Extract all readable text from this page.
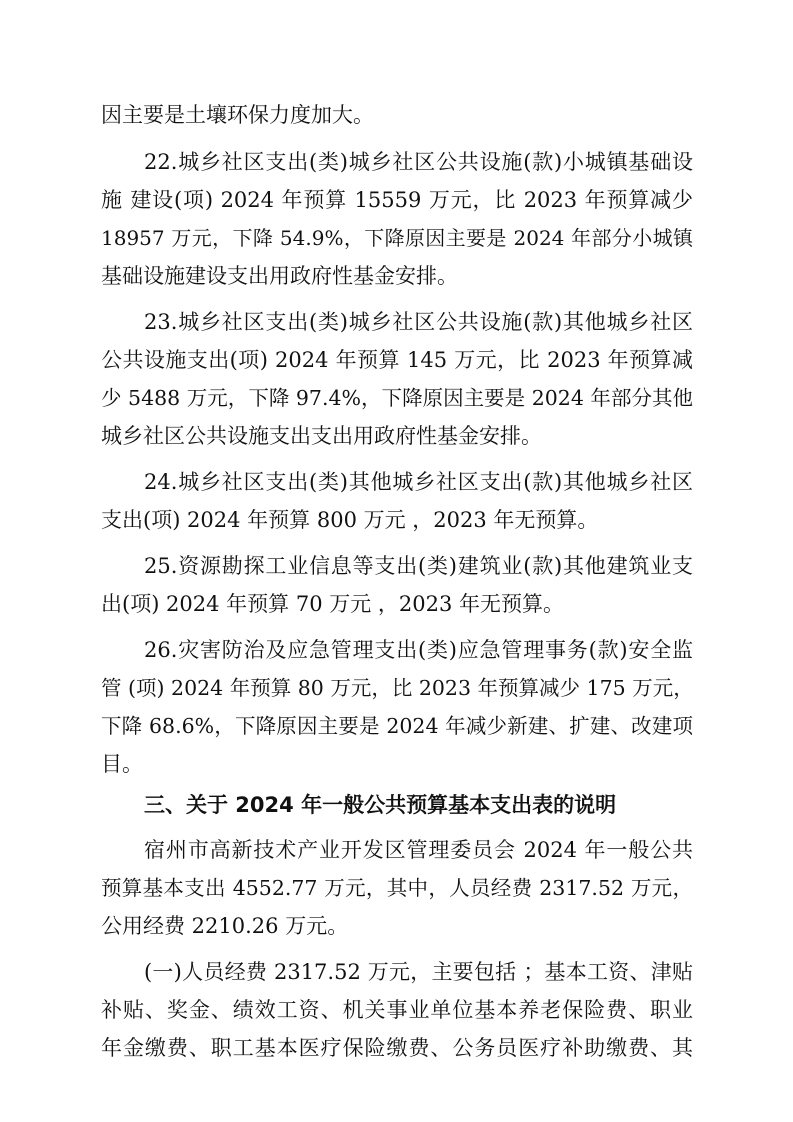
因主要是土壤环保力度加大。
22.城乡社区支出(类)城乡社区公共设施(款)小城镇基础设
施 建设(项) 2024 年预算 15559 万元，比 2023 年预算减少
18957 万元，下降 54.9%，下降原因主要是 2024 年部分小城镇
基础设施建设支出用政府性基金安排。
23.城乡社区支出(类)城乡社区公共设施(款)其他城乡社区
公共设施支出(项) 2024 年预算 145 万元，比 2023 年预算减
少 5488 万元，下降 97.4%，下降原因主要是 2024 年部分其他
城乡社区公共设施支出支出用政府性基金安排。
24.城乡社区支出(类)其他城乡社区支出(款)其他城乡社区
支出(项) 2024 年预算 800 万元 ，2023 年无预算。
25.资源勘探工业信息等支出(类)建筑业(款)其他建筑业支
出(项) 2024 年预算 70 万元 ，2023 年无预算。
26.灾害防治及应急管理支出(类)应急管理事务(款)安全监
管 (项) 2024 年预算 80 万元，比 2023 年预算减少 175 万元，
下降 68.6%，下降原因主要是 2024 年减少新建、扩建、改建项
目。
三、关于 2024 年一般公共预算基本支出表的说明
宿州市高新技术产业开发区管理委员会 2024 年一般公共
预算基本支出 4552.77 万元，其中，人员经费 2317.52 万元，
公用经费 2210.26 万元。
(一)人员经费 2317.52 万元，主要包括 ；基本工资、津贴
补贴、奖金、绩效工资、机关事业单位基本养老保险费、职业
年金缴费、职工基本医疗保险缴费、公务员医疗补助缴费、其
